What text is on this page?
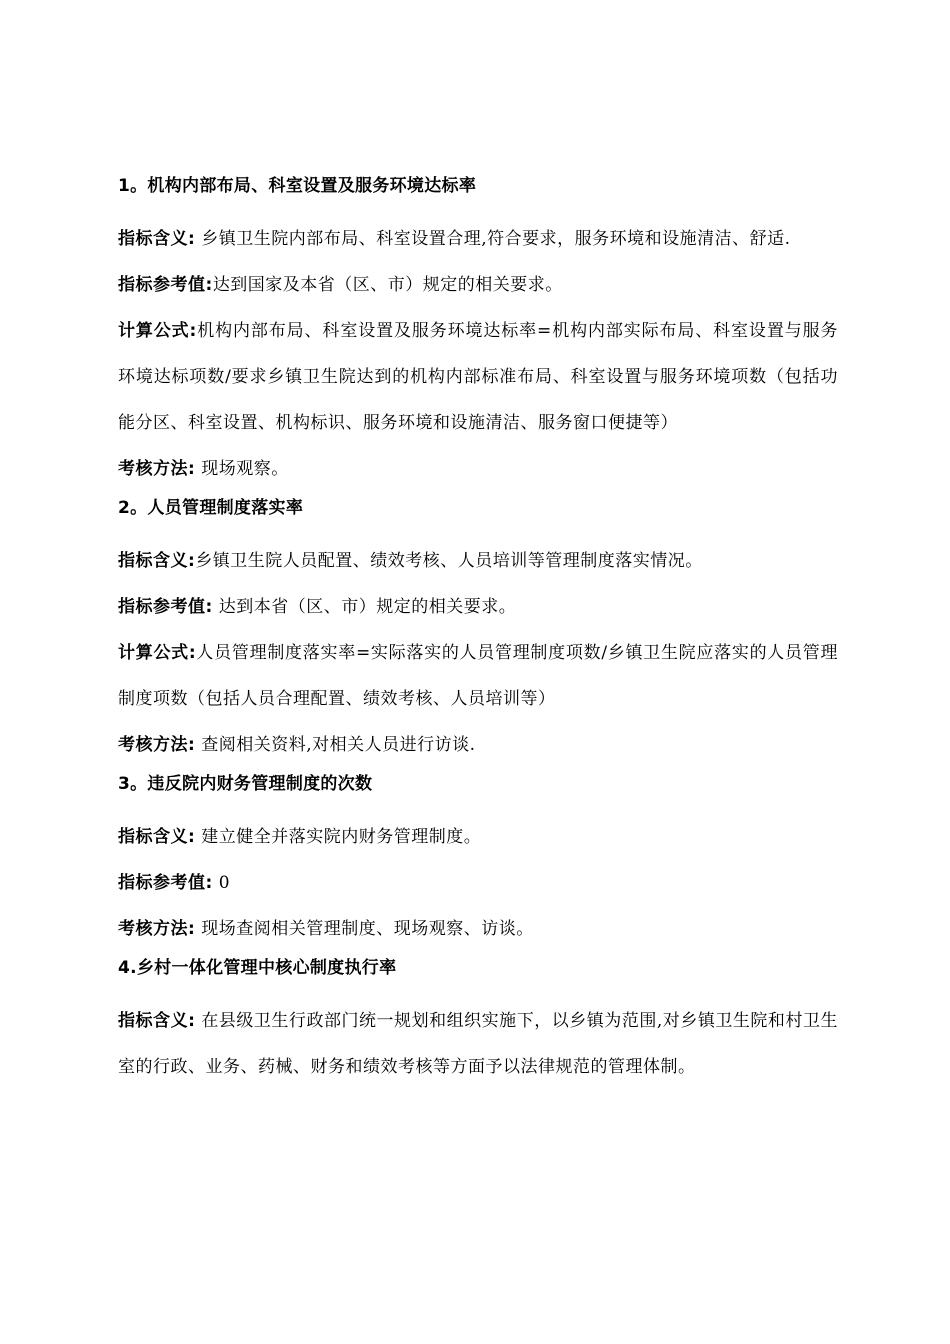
1。机构内部布局、科室设置及服务环境达标率

指标含义: 乡镇卫生院内部布局、科室设置合理,符合要求，服务环境和设施清洁、舒适.

指标参考值:达到国家及本省（区、市）规定的相关要求。

计算公式:机构内部布局、科室设置及服务环境达标率=机构内部实际布局、科室设置与服务环境达标项数/要求乡镇卫生院达到的机构内部标准布局、科室设置与服务环境项数（包括功能分区、科室设置、机构标识、服务环境和设施清洁、服务窗口便捷等）

考核方法: 现场观察。

2。人员管理制度落实率

指标含义:乡镇卫生院人员配置、绩效考核、人员培训等管理制度落实情况。

指标参考值: 达到本省（区、市）规定的相关要求。

计算公式:人员管理制度落实率=实际落实的人员管理制度项数/乡镇卫生院应落实的人员管理制度项数（包括人员合理配置、绩效考核、人员培训等）

考核方法: 查阅相关资料,对相关人员进行访谈.

3。违反院内财务管理制度的次数

指标含义: 建立健全并落实院内财务管理制度。

指标参考值: 0

考核方法: 现场查阅相关管理制度、现场观察、访谈。

4.乡村一体化管理中核心制度执行率

指标含义: 在县级卫生行政部门统一规划和组织实施下，以乡镇为范围,对乡镇卫生院和村卫生室的行政、业务、药械、财务和绩效考核等方面予以法律规范的管理体制。
